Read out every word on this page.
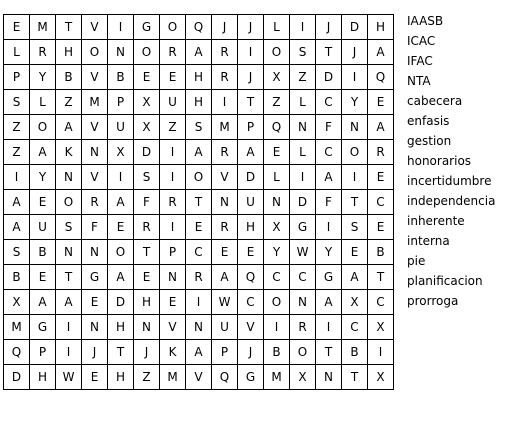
E	M	T	V	I	G	O	Q	J	J	L	I	J	D	H
L	R	H	O	N	O	R	A	R	I	O	S	T	J	A
P	Y	B	V	B	E	E	H	R	J	X	Z	D	I	Q
S	L	Z	M	P	X	U	H	I	T	Z	L	C	Y	E
Z	O	A	V	U	X	Z	S	M	P	Q	N	F	N	A
Z	A	K	N	X	D	I	A	R	A	E	L	C	O	R
I	Y	N	V	I	S	I	O	V	D	L	I	A	I	E
A	E	O	R	A	F	R	T	N	U	N	D	F	T	C
A	U	S	F	E	R	I	E	R	H	X	G	I	S	E
S	B	N	N	O	T	P	C	E	E	Y	W	Y	E	B
B	E	T	G	A	E	N	R	A	Q	C	C	G	A	T
X	A	A	E	D	H	E	I	W	C	O	N	A	X	C
M	G	I	N	H	N	V	N	U	V	I	R	I	C	X
Q	P	I	J	T	J	K	A	P	J	B	O	T	B	I
D	H	W	E	H	Z	M	V	Q	G	M	X	N	T	X
IAASB
ICAC
IFAC
NTA
cabecera
enfasis
gestion
honorarios
incertidumbre
independencia
inherente
interna
pie
planificacion
prorroga
